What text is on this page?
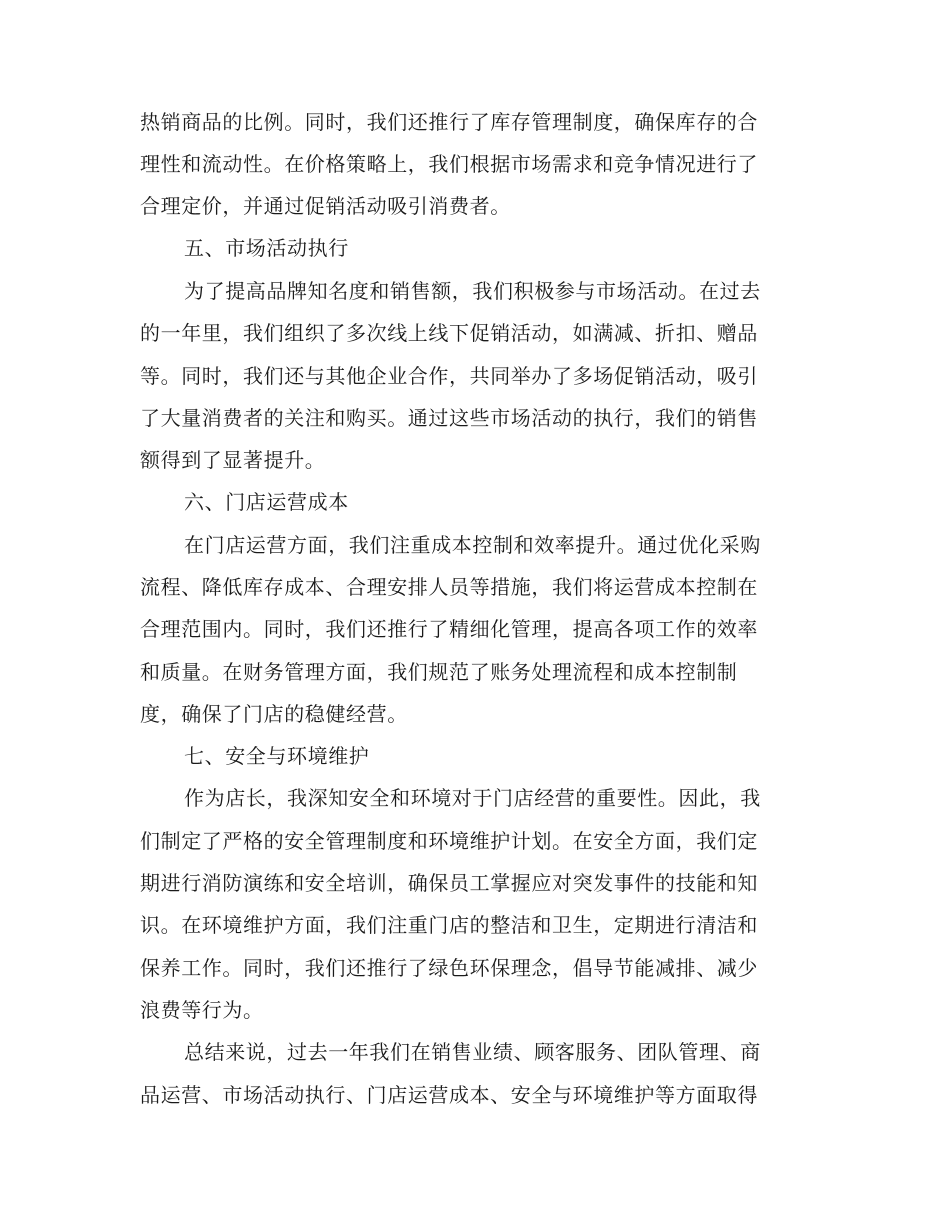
热销商品的比例。同时，我们还推行了库存管理制度，确保库存的合
理性和流动性。在价格策略上，我们根据市场需求和竞争情况进行了
合理定价，并通过促销活动吸引消费者。
五、市场活动执行
为了提高品牌知名度和销售额，我们积极参与市场活动。在过去
的一年里，我们组织了多次线上线下促销活动，如满减、折扣、赠品
等。同时，我们还与其他企业合作，共同举办了多场促销活动，吸引
了大量消费者的关注和购买。通过这些市场活动的执行，我们的销售
额得到了显著提升。
六、门店运营成本
在门店运营方面，我们注重成本控制和效率提升。通过优化采购
流程、降低库存成本、合理安排人员等措施，我们将运营成本控制在
合理范围内。同时，我们还推行了精细化管理，提高各项工作的效率
和质量。在财务管理方面，我们规范了账务处理流程和成本控制制
度，确保了门店的稳健经营。
七、安全与环境维护
作为店长，我深知安全和环境对于门店经营的重要性。因此，我
们制定了严格的安全管理制度和环境维护计划。在安全方面，我们定
期进行消防演练和安全培训，确保员工掌握应对突发事件的技能和知
识。在环境维护方面，我们注重门店的整洁和卫生，定期进行清洁和
保养工作。同时，我们还推行了绿色环保理念，倡导节能减排、减少
浪费等行为。
总结来说，过去一年我们在销售业绩、顾客服务、团队管理、商
品运营、市场活动执行、门店运营成本、安全与环境维护等方面取得
